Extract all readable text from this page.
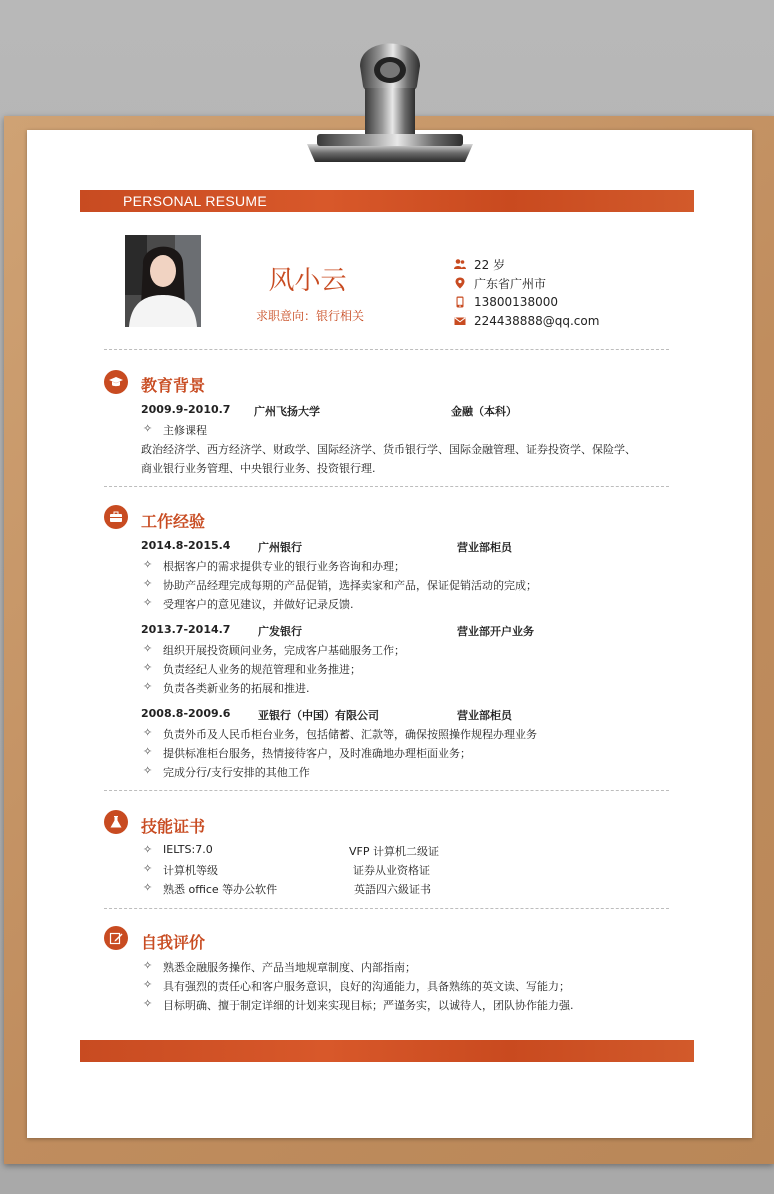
PERSONAL RESUME
风小云
求职意向：银行相关
22 岁
广东省广州市
13800138000
224438888@qq.com
教育背景
2009.9-2010.7 广州飞扬大学	金融（本科）
✧ 主修课程
政治经济学、西方经济学、财政学、国际经济学、货币银行学、国际金融管理、证券投资学、保险学、
商业银行业务管理、中央银行业务、投资银行理.
工作经验
2014.8-2015.4	广州银行	营业部柜员
✧ 根据客户的需求提供专业的银行业务咨询和办理；
✧ 协助产品经理完成每期的产品促销，选择卖家和产品，保证促销活动的完成；
✧ 受理客户的意见建议，并做好记录反馈.
2013.7-2014.7	广发银行	营业部开户业务
✧ 组织开展投资顾问业务，完成客户基础服务工作；
✧ 负责经纪人业务的规范管理和业务推进；
✧ 负责各类新业务的拓展和推进.
2008.8-2009.6	亚银行（中国）有限公司	营业部柜员
✧ 负责外币及人民币柜台业务，包括储蓄、汇款等，确保按照操作规程办理业务
✧ 提供标准柜台服务，热情接待客户，及时准确地办理柜面业务；
✧ 完成分行/支行安排的其他工作
技能证书
✧ IELTS:7.0	VFP 计算机二级证
✧ 计算机等级	证券从业资格证
✧ 熟悉 office 等办公软件	英語四六級证书
自我评价
✧ 熟悉金融服务操作、产品当地规章制度、内部指南；
✧ 具有强烈的责任心和客户服务意识，良好的沟通能力，具备熟练的英文读、写能力；
✧ 目标明确、擅于制定详细的计划来实现目标；严谨务实，以诚待人，团队协作能力强.
